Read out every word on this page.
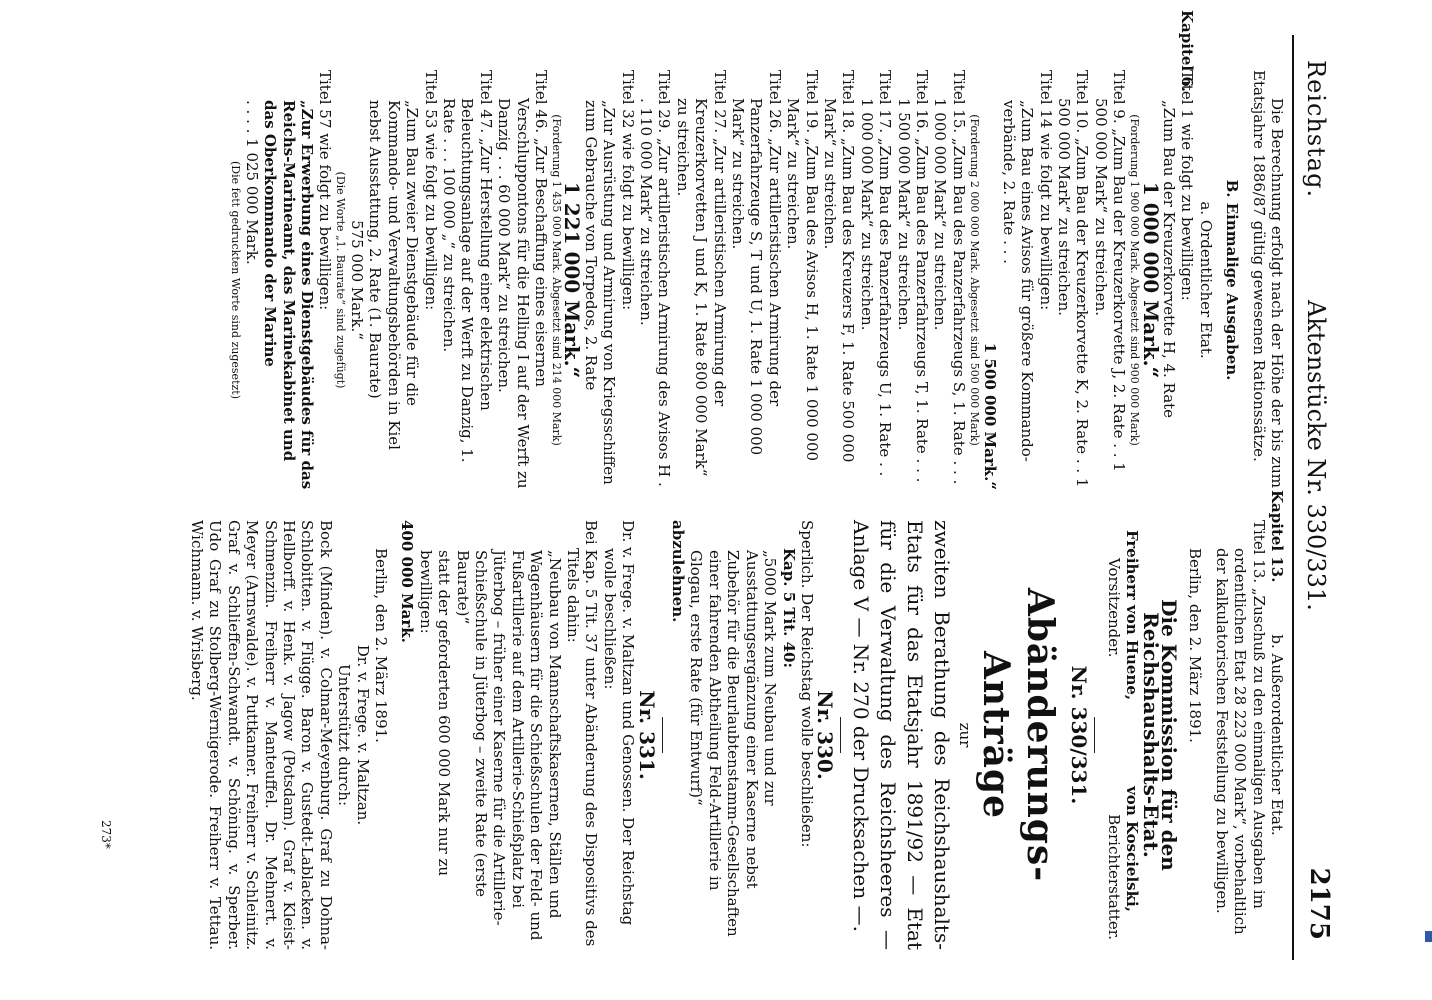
Reichstag.
Aktenstücke Nr. 330/331.
2175

Die Berechnung erfolgt nach der Höhe der bis zum Etatsjahre 1886/87 gültig gewesenen Rationssätze.

B. Einmalige Ausgaben.

Kapitel 6.

a. Ordentlicher Etat.

Titel 1 wie folgt zu bewilligen:

„Zum Bau der Kreuzerkorvette H, 4. Rate

1 000 000 Mark.“

(Forderung 1 900 000 Mark. Abgesetzt sind 900 000 Mark)

Titel 9. „Zum Bau der Kreuzerkorvette J, 2. Rate . . 1 500 000 Mark“ zu streichen.

Titel 10. „Zum Bau der Kreuzerkorvette K, 2. Rate . . 1 500 000 Mark“ zu streichen.

Titel 14 wie folgt zu bewilligen:

„Zum Bau eines Avisos für größere Kommando-verbände, 2. Rate . . .

1 500 000 Mark.“

(Forderung 2 000 000 Mark. Abgesetzt sind 500 000 Mark)

Titel 15. „Zum Bau des Panzerfahrzeugs S, 1. Rate . . . 1 000 000 Mark“ zu streichen.

Titel 16. „Zum Bau des Panzerfahrzeugs T, 1. Rate . . . 1 500 000 Mark“ zu streichen.

Titel 17. „Zum Bau des Panzerfahrzeugs U, 1. Rate . . 1 000 000 Mark“ zu streichen.

Titel 18. „Zum Bau des Kreuzers F, 1. Rate 500 000 Mark“ zu streichen.

Titel 19. „Zum Bau des Avisos H, 1. Rate 1 000 000 Mark“ zu streichen.

Titel 26. „Zur artilleristischen Armirung der Panzerfahrzeuge S, T und U, 1. Rate 1 000 000 Mark“ zu streichen.

Titel 27. „Zur artilleristischen Armirung der Kreuzerkorvetten J und K, 1. Rate 800 000 Mark“ zu streichen.

Titel 29. „Zur artilleristischen Armirung des Avisos H . . 110 000 Mark“ zu streichen.

Titel 32 wie folgt zu bewilligen:

„Zur Ausrüstung und Armirung von Kriegsschiffen zum Gebrauche von Torpedos, 2. Rate

1 221 000 Mark.“

(Forderung 1 435 000 Mark. Abgesetzt sind 214 000 Mark)

Titel 46. „Zur Beschaffung eines eisernen Verschluppontons für die Helling I auf der Werft zu Danzig . . . 60 000 Mark“ zu streichen.

Titel 47. „Zur Herstellung einer elektrischen Beleuchtungsanlage auf der Werft zu Danzig, 1. Rate . . . 100 000 „“ zu streichen.

Titel 53 wie folgt zu bewilligen:

„Zum Bau zweier Dienstgebäude für die Kommando- und Verwaltungsbehörden in Kiel nebst Ausstattung, 2. Rate (1. Baurate)

575 000 Mark.“

(Die Worte „1. Baurate“ sind zugefügt)

Titel 57 wie folgt zu bewilligen:

„Zur Erwerbung eines Dienstgebäudes für das Reichs-Marineamt, das Marinekabinet und das Oberkommando der Marine

. . . . 1 025 000 Mark.

(Die fett gedruckten Worte sind zugesetzt)

Kapitel 13.

b. Außerordentlicher Etat.

Titel 13. „Zuschuß zu den einmaligen Ausgaben im ordentlichen Etat 28 223 000 Mark“, vorbehaltlich der kalkulatorischen Feststellung zu bewilligen.

Berlin, den 2. März 1891.

Die Kommission für den Reichshaushalts-Etat.

Freiherr von Huene,

Vorsitzender.

von Koscielski,

Berichterstatter.

Nr. 330/331.

Abänderungs-Anträge

zur

zweiten Berathung des Reichshaushalts-Etats für das Etatsjahr 1891/92 — Etat für die Verwaltung des Reichsheeres — Anlage V — Nr. 270 der Drucksachen —.

Nr. 330.

Sperlich. Der Reichstag wolle beschließen:

Kap. 5 Tit. 40:

„5000 Mark zum Neubau und zur Ausstattungsergänzung einer Kaserne nebst Zubehör für die Beurlaubtenstamm-Gesellschaften einer fahrenden Abtheilung Feld-Artillerie in Glogau, erste Rate (für Entwurf)“

abzulehnen.

Nr. 331.

Dr. v. Frege. v. Maltzan und Genossen. Der Reichstag wolle beschließen:

Bei Kap. 5 Tit. 37 unter Abänderung des Dispositivs des Titels dahin:

„Neubau von Mannschaftskasernen, Ställen und Wagenhäusern für die Schießschulen der Feld- und Fußartillerie auf dem Artillerie-Schießplatz bei Jüterbog – früher einer Kaserne für die Artillerie-Schießschule in Jüterbog – zweite Rate (erste Baurate)“

statt der geforderten 600 000 Mark nur zu bewilligen:

400 000 Mark.

Berlin, den 2. März 1891.

Dr. v. Frege. v. Maltzan.

Unterstützt durch:

Bock (Minden). v. Colmar-Meyenburg. Graf zu Dohna-Schlobitten. v. Flügge. Baron v. Gustedt-Lablacken. v. Hellborff. v. Henk. v. Jagow (Potsdam). Graf v. Kleist-Schmenzin. Freiherr v. Manteuffel. Dr. Mehnert. v. Meyer (Arnswalde). v. Puttkamer. Freiherr v. Schleinitz. Graf v. Schlieffen-Schwandt. v. Schöning. v. Sperber. Udo Graf zu Stolberg-Wernigerode. Freiherr v. Tettau. Wichmann. v. Wrisberg.

273*
